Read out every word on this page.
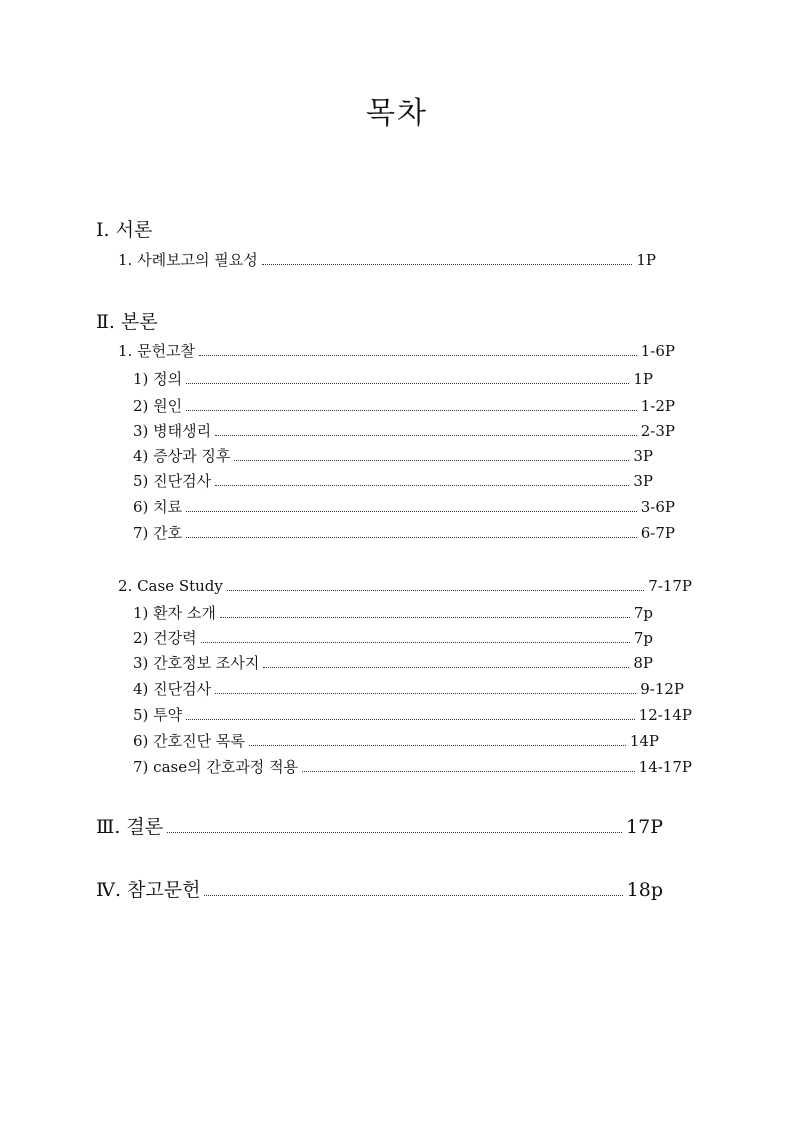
목차
Ⅰ. 서론
1. 사례보고의 필요성	1P
Ⅱ. 본론
1. 문헌고찰	1-6P
1) 정의	1P
2) 원인	1-2P
3) 병태생리	2-3P
4) 증상과 징후	3P
5) 진단검사	3P
6) 치료	3-6P
7) 간호	6-7P
2. Case Study	7-17P
1) 환자 소개	7p
2) 건강력	7p
3) 간호정보 조사지	8P
4) 진단검사	9-12P
5) 투약	12-14P
6) 간호진단 목록	14P
7) case의 간호과정 적용	14-17P
Ⅲ. 결론	17P
Ⅳ. 참고문헌	18p
